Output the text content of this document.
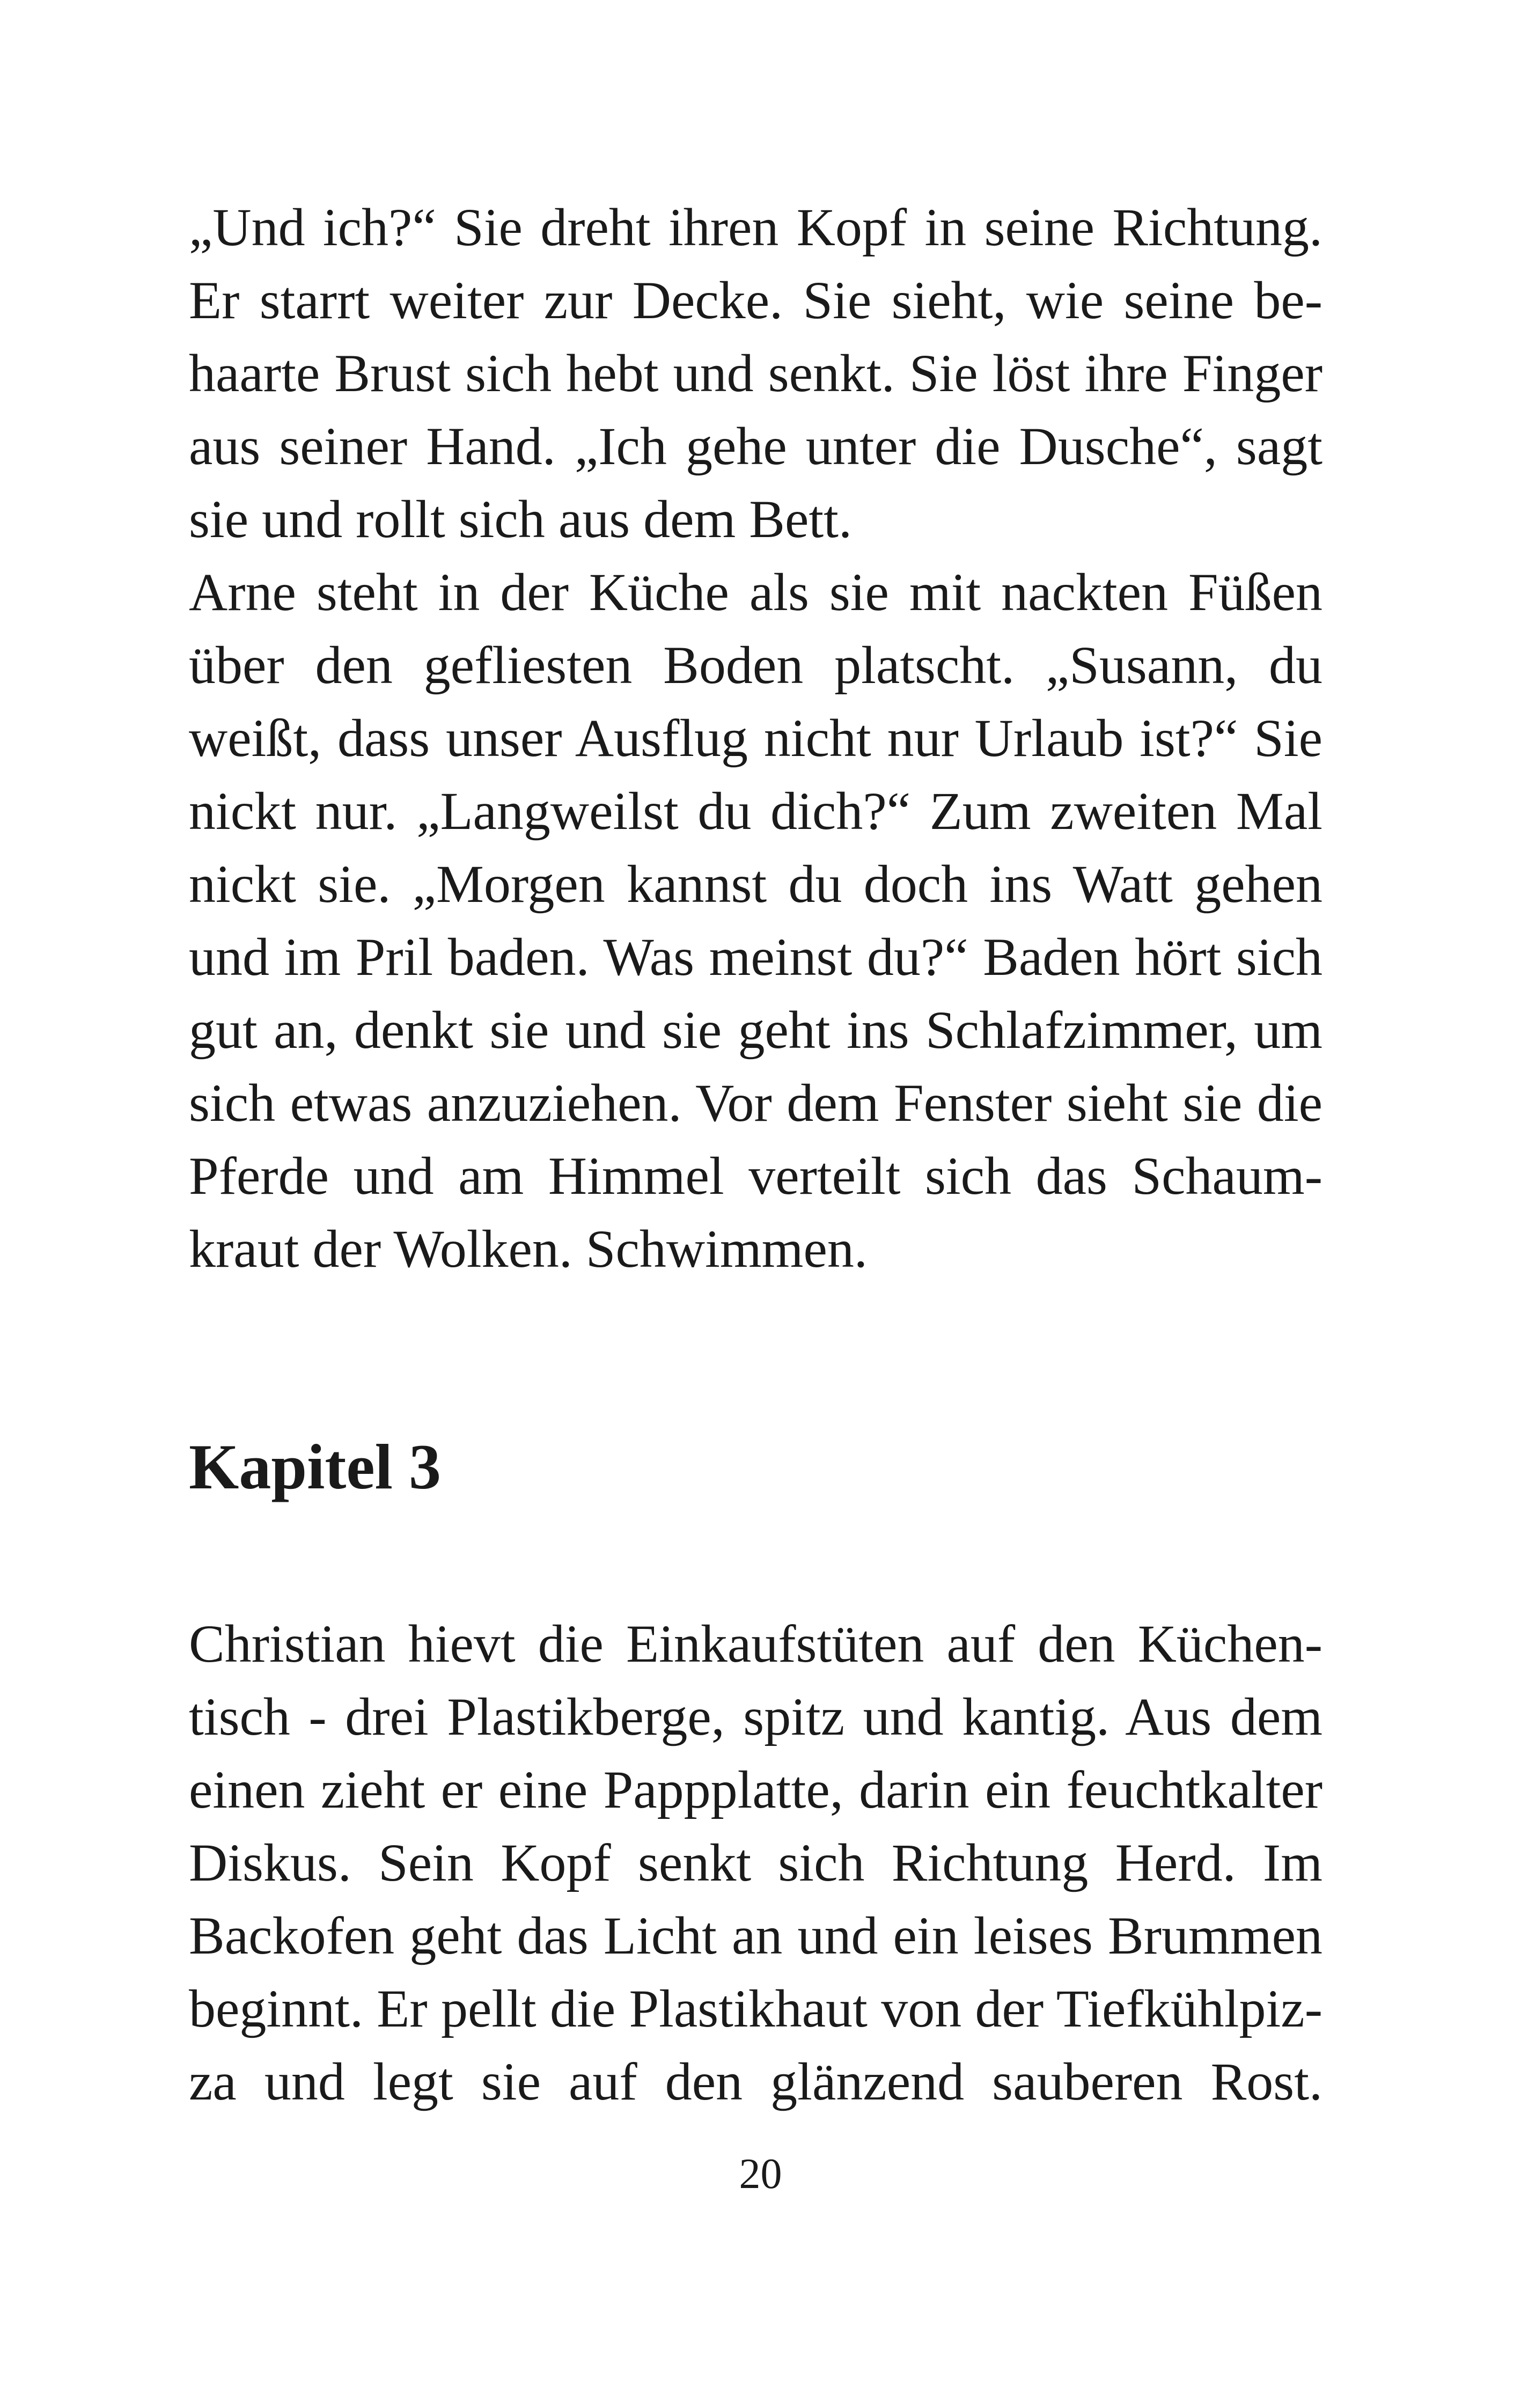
„Und ich?“ Sie dreht ihren Kopf in seine Richtung.
Er starrt weiter zur Decke. Sie sieht, wie seine be-
haarte Brust sich hebt und senkt. Sie löst ihre Finger
aus seiner Hand. „Ich gehe unter die Dusche“, sagt
sie und rollt sich aus dem Bett.
Arne steht in der Küche als sie mit nackten Füßen
über den gefliesten Boden platscht. „Susann, du
weißt, dass unser Ausflug nicht nur Urlaub ist?“ Sie
nickt nur. „Langweilst du dich?“ Zum zweiten Mal
nickt sie. „Morgen kannst du doch ins Watt gehen
und im Pril baden. Was meinst du?“ Baden hört sich
gut an, denkt sie und sie geht ins Schlafzimmer, um
sich etwas anzuziehen. Vor dem Fenster sieht sie die
Pferde und am Himmel verteilt sich das Schaum-
kraut der Wolken. Schwimmen.
Kapitel 3
Christian hievt die Einkaufstüten auf den Küchen-
tisch - drei Plastikberge, spitz und kantig. Aus dem
einen zieht er eine Pappplatte, darin ein feuchtkalter
Diskus. Sein Kopf senkt sich Richtung Herd. Im
Backofen geht das Licht an und ein leises Brummen
beginnt. Er pellt die Plastikhaut von der Tiefkühlpiz-
za und legt sie auf den glänzend sauberen Rost.
20
